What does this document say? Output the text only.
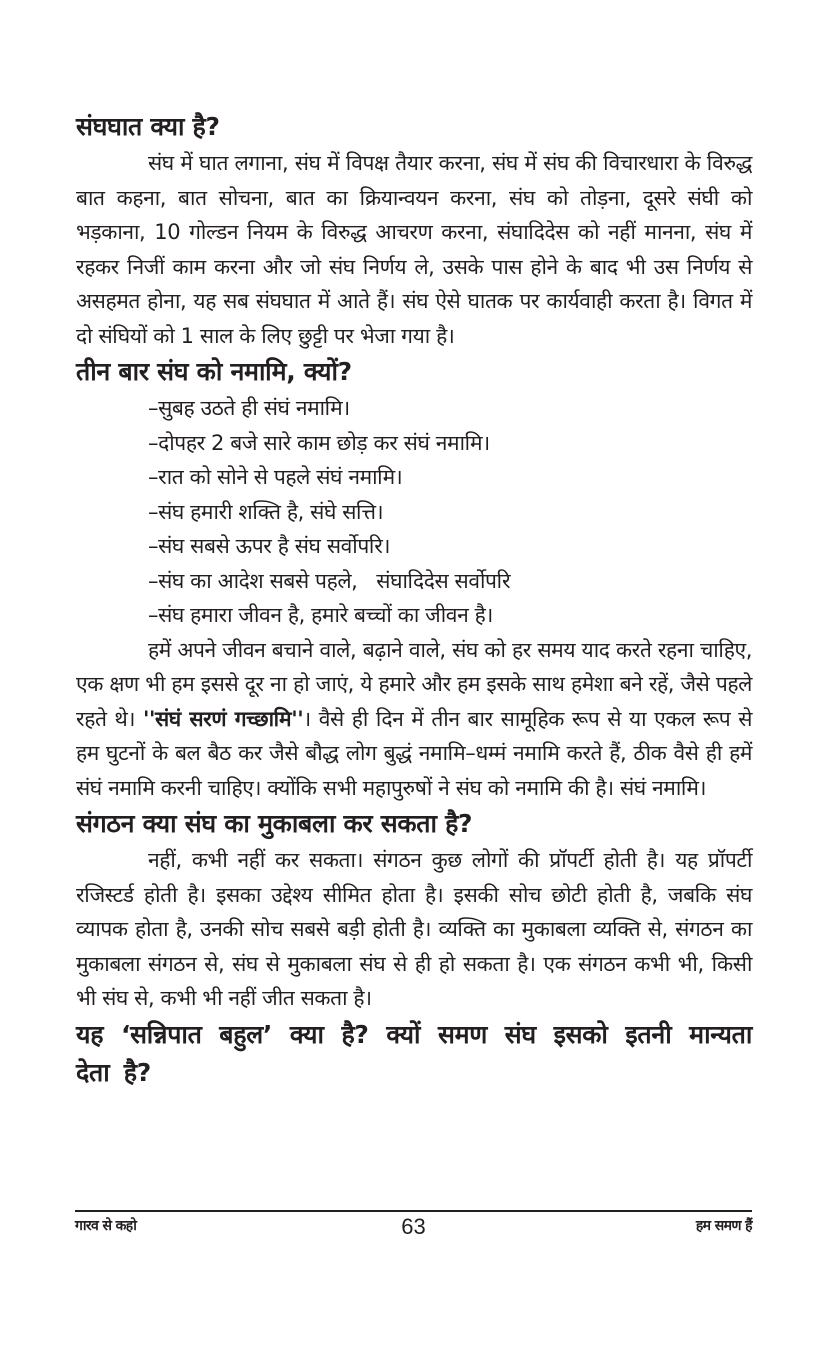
संघघात क्या है?

संघ में घात लगाना, संघ में विपक्ष तैयार करना, संघ में संघ की विचारधारा के विरुद्ध बात कहना, बात सोचना, बात का क्रियान्वयन करना, संघ को तोड़ना, दूसरे संघी को भड़काना, 10 गोल्डन नियम के विरुद्ध आचरण करना, संघादिदेस को नहीं मानना, संघ में रहकर निजीं काम करना और जो संघ निर्णय ले, उसके पास होने के बाद भी उस निर्णय से असहमत होना, यह सब संघघात में आते हैं। संघ ऐसे घातक पर कार्यवाही करता है। विगत में दो संघियों को 1 साल के लिए छुट्टी पर भेजा गया है।

तीन बार संघ को नमामि, क्यों?
–सुबह उठते ही संघं नमामि।
–दोपहर 2 बजे सारे काम छोड़ कर संघं नमामि।
–रात को सोने से पहले संघं नमामि।
–संघ हमारी शक्ति है, संघे सत्ति।
–संघ सबसे ऊपर है संघ सर्वोपरि।
–संघ का आदेश सबसे पहले,   संघादिदेस सर्वोपरि
–संघ हमारा जीवन है, हमारे बच्चों का जीवन है।

हमें अपने जीवन बचाने वाले, बढ़ाने वाले, संघ को हर समय याद करते रहना चाहिए, एक क्षण भी हम इससे दूर ना हो जाएं, ये हमारे और हम इसके साथ हमेशा बने रहें, जैसे पहले रहते थे। ''संघं सरणं गच्छामि''। वैसे ही दिन में तीन बार सामूहिक रूप से या एकल रूप से हम घुटनों के बल बैठ कर जैसे बौद्ध लोग बुद्धं नमामि–धम्मं नमामि करते हैं, ठीक वैसे ही हमें संघं नमामि करनी चाहिए। क्योंकि सभी महापुरुषों ने संघ को नमामि की है। संघं नमामि।

संगठन क्या संघ का मुकाबला कर सकता है?

नहीं, कभी नहीं कर सकता। संगठन कुछ लोगों की प्रॉपर्टी होती है। यह प्रॉपर्टी रजिस्टर्ड होती है। इसका उद्देश्य सीमित होता है। इसकी सोच छोटी होती है, जबकि संघ व्यापक होता है, उनकी सोच सबसे बड़ी होती है। व्यक्ति का मुकाबला व्यक्ति से, संगठन का मुकाबला संगठन से, संघ से मुकाबला संघ से ही हो सकता है। एक संगठन कभी भी, किसी भी संघ से, कभी भी नहीं जीत सकता है।

यह ‘सन्निपात बहुल’ क्या है? क्यों समण संघ इसको इतनी मान्यता देता है?
गारव से कहो	63	हम समण हैं
